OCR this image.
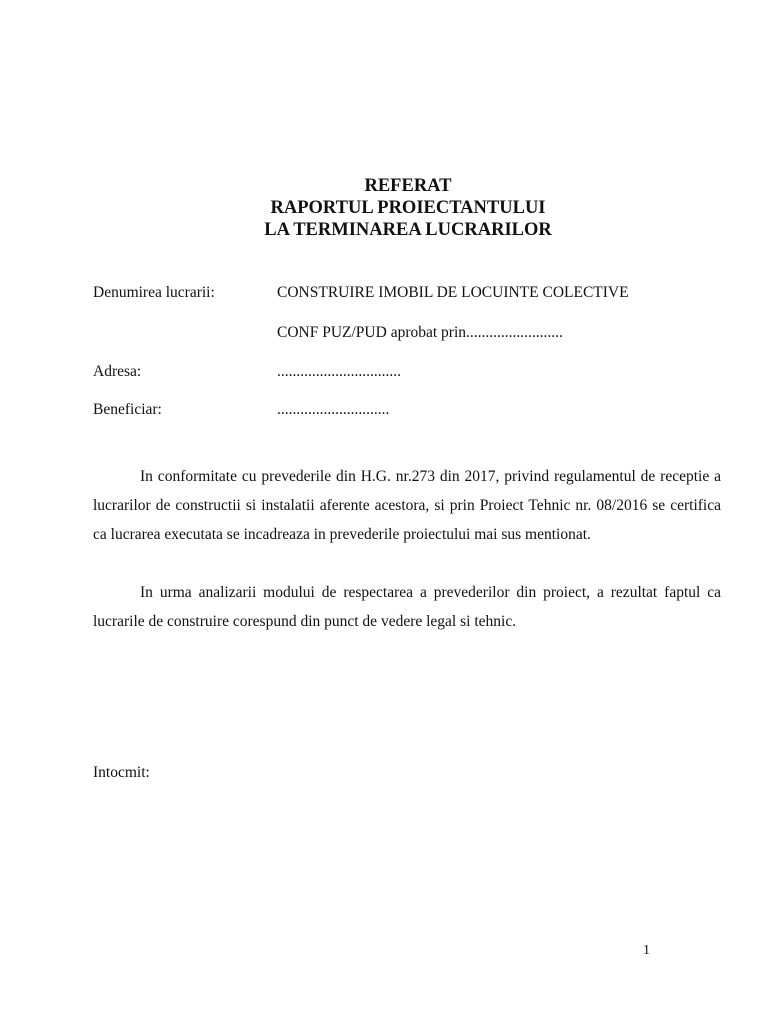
REFERAT
RAPORTUL PROIECTANTULUI
LA TERMINAREA LUCRARILOR
Denumirea lucrarii:	CONSTRUIRE IMOBIL DE LOCUINTE COLECTIVE
CONF PUZ/PUD aprobat prin.........................
Adresa:	................................
Beneficiar:	.............................

In conformitate cu prevederile din H.G. nr.273 din 2017, privind regulamentul de receptie a lucrarilor de constructii si instalatii aferente acestora, si prin Proiect Tehnic nr. 08/2016 se certifica ca lucrarea executata se incadreaza in prevederile proiectului mai sus mentionat.

In urma analizarii modului de respectarea a prevederilor din proiect, a rezultat faptul ca lucrarile de construire corespund din punct de vedere legal si tehnic.

Intocmit:
1
